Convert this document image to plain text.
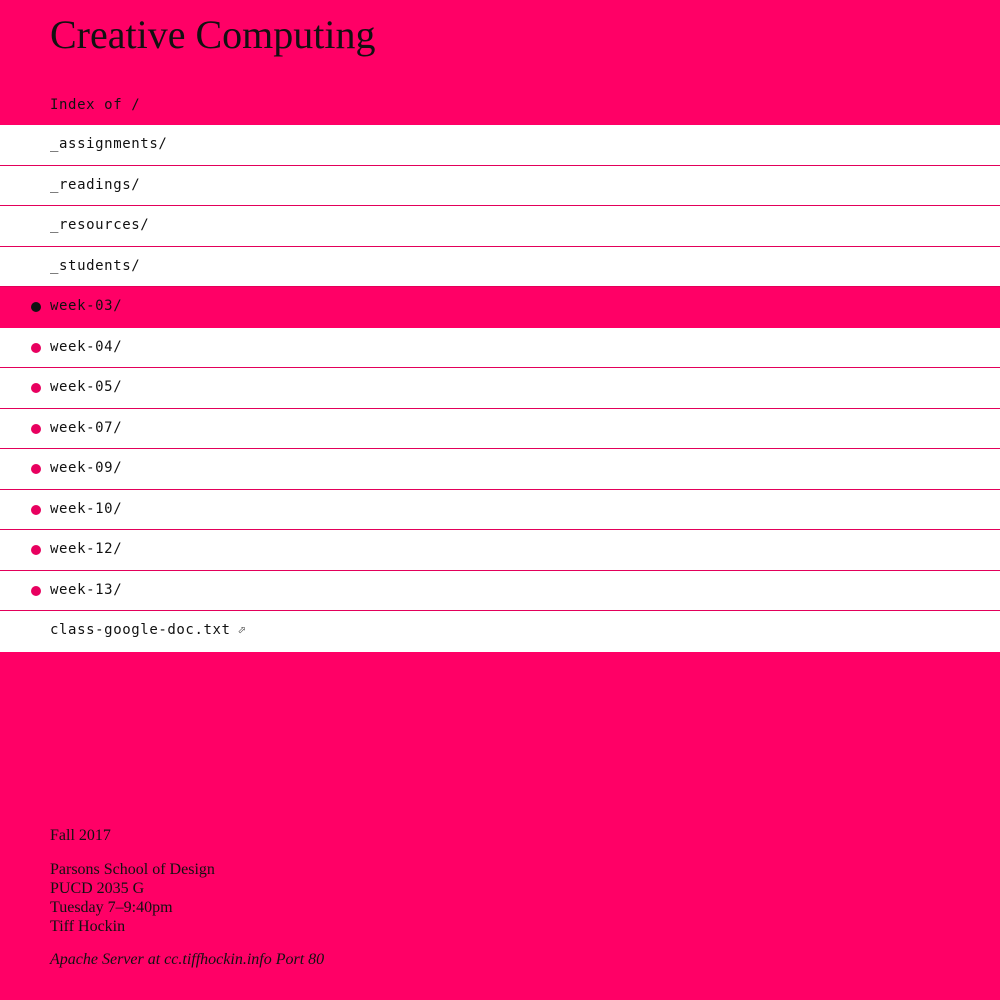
Creative Computing

Index of /

_assignments/
_readings/
_resources/
_students/
week-03/
week-04/
week-05/
week-07/
week-09/
week-10/
week-12/
week-13/
class-google-doc.txt ⬀

Fall 2017

Parsons School of Design
PUCD 2035 G
Tuesday 7–9:40pm
Tiff Hockin

Apache Server at cc.tiffhockin.info Port 80
